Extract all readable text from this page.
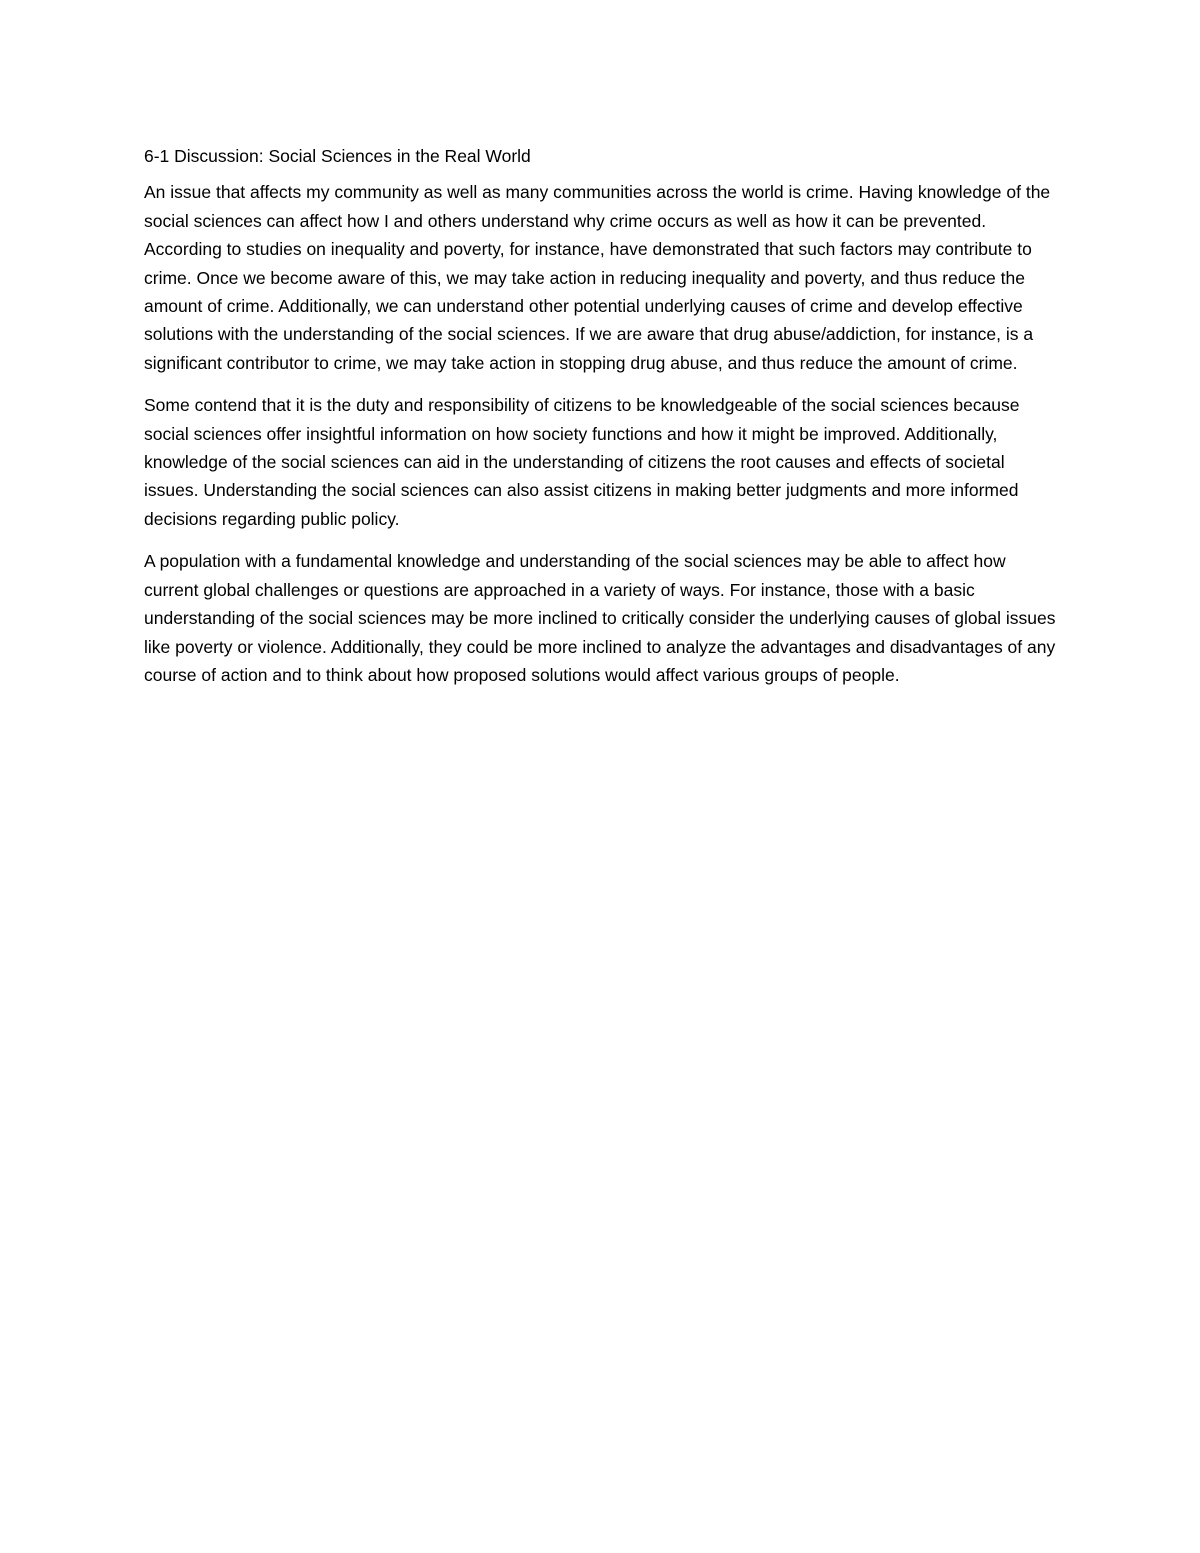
6-1 Discussion: Social Sciences in the Real World

An issue that affects my community as well as many communities across the world is crime. Having knowledge of the social sciences can affect how I and others understand why crime occurs as well as how it can be prevented. According to studies on inequality and poverty, for instance, have demonstrated that such factors may contribute to crime. Once we become aware of this, we may take action in reducing inequality and poverty, and thus reduce the amount of crime. Additionally, we can understand other potential underlying causes of crime and develop effective solutions with the understanding of the social sciences. If we are aware that drug abuse/addiction, for instance, is a significant contributor to crime, we may take action in stopping drug abuse, and thus reduce the amount of crime.

Some contend that it is the duty and responsibility of citizens to be knowledgeable of the social sciences because social sciences offer insightful information on how society functions and how it might be improved. Additionally, knowledge of the social sciences can aid in the understanding of citizens the root causes and effects of societal issues. Understanding the social sciences can also assist citizens in making better judgments and more informed decisions regarding public policy.

A population with a fundamental knowledge and understanding of the social sciences may be able to affect how current global challenges or questions are approached in a variety of ways. For instance, those with a basic understanding of the social sciences may be more inclined to critically consider the underlying causes of global issues like poverty or violence. Additionally, they could be more inclined to analyze the advantages and disadvantages of any course of action and to think about how proposed solutions would affect various groups of people.
